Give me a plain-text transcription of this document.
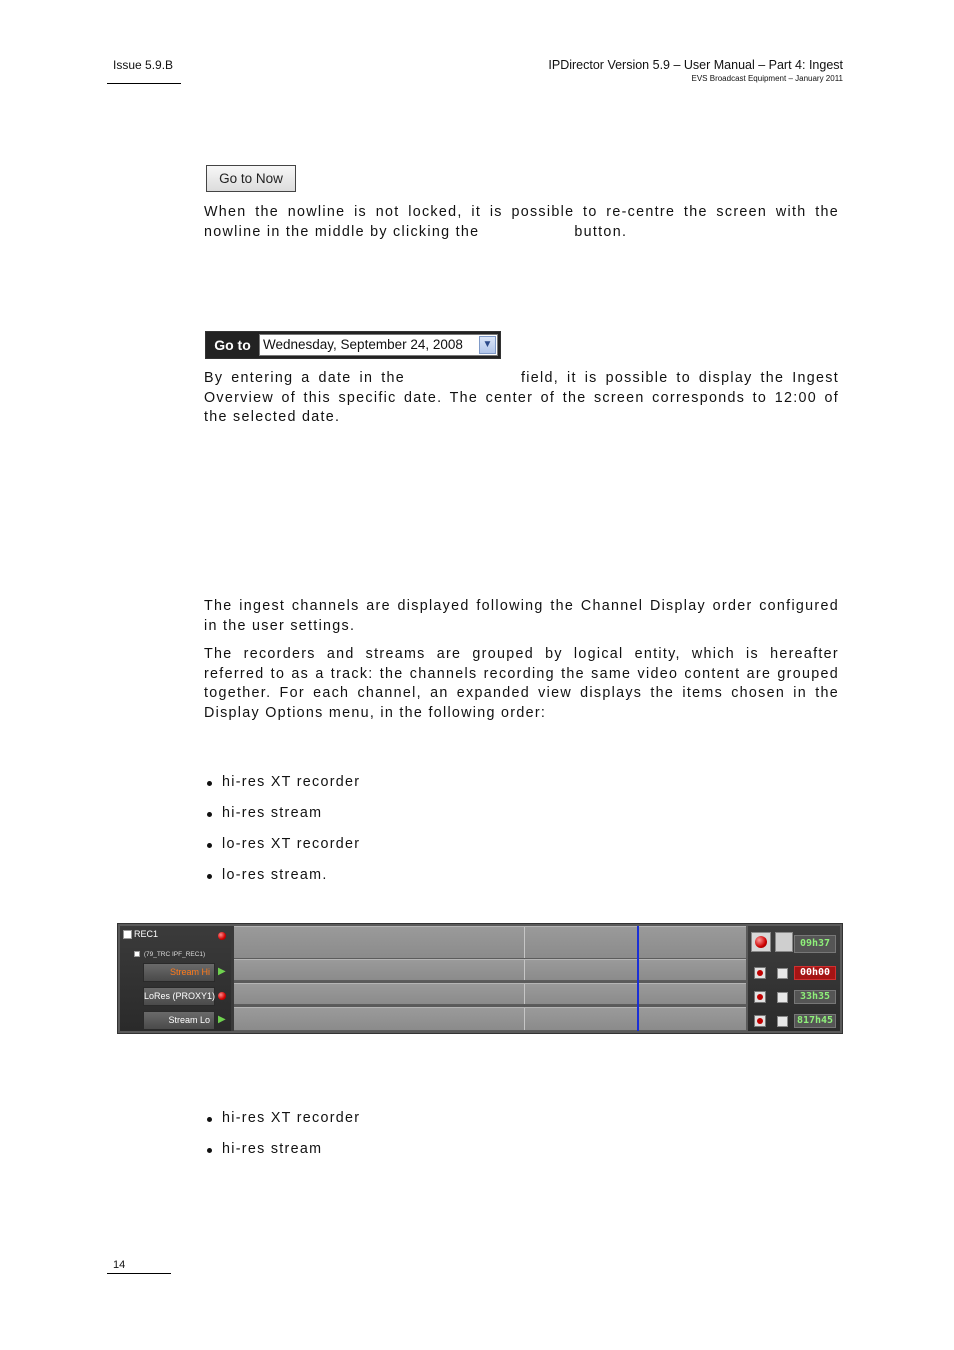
Issue 5.9.B	IPDirector Version 5.9 – User Manual – Part 4: Ingest
EVS Broadcast Equipment – January 2011
Go to Now

When the nowline is not locked, it is possible to re-centre the screen with the nowline in the middle by clicking the	button.

Go to Wednesday, September 24, 2008	▼

By entering a date in the	field, it is possible to display the Ingest Overview of this specific date. The center of the screen corresponds to 12:00 of the selected date.

The ingest channels are displayed following the Channel Display order configured in the user settings.

The recorders and streams are grouped by logical entity, which is hereafter referred to as a track: the channels recording the same video content are grouped together. For each channel, an expanded view displays the items chosen in the Display Options menu, in the following order:

hi-res XT recorder
hi-res stream
lo-res XT recorder
lo-res stream.
REC1
(79_TRC IPF_REC1)
Stream Hi ▶
LoRes (PROXY1)
Stream Lo ▶
09h37
00h00
33h35
817h45
hi-res XT recorder
hi-res stream
14
